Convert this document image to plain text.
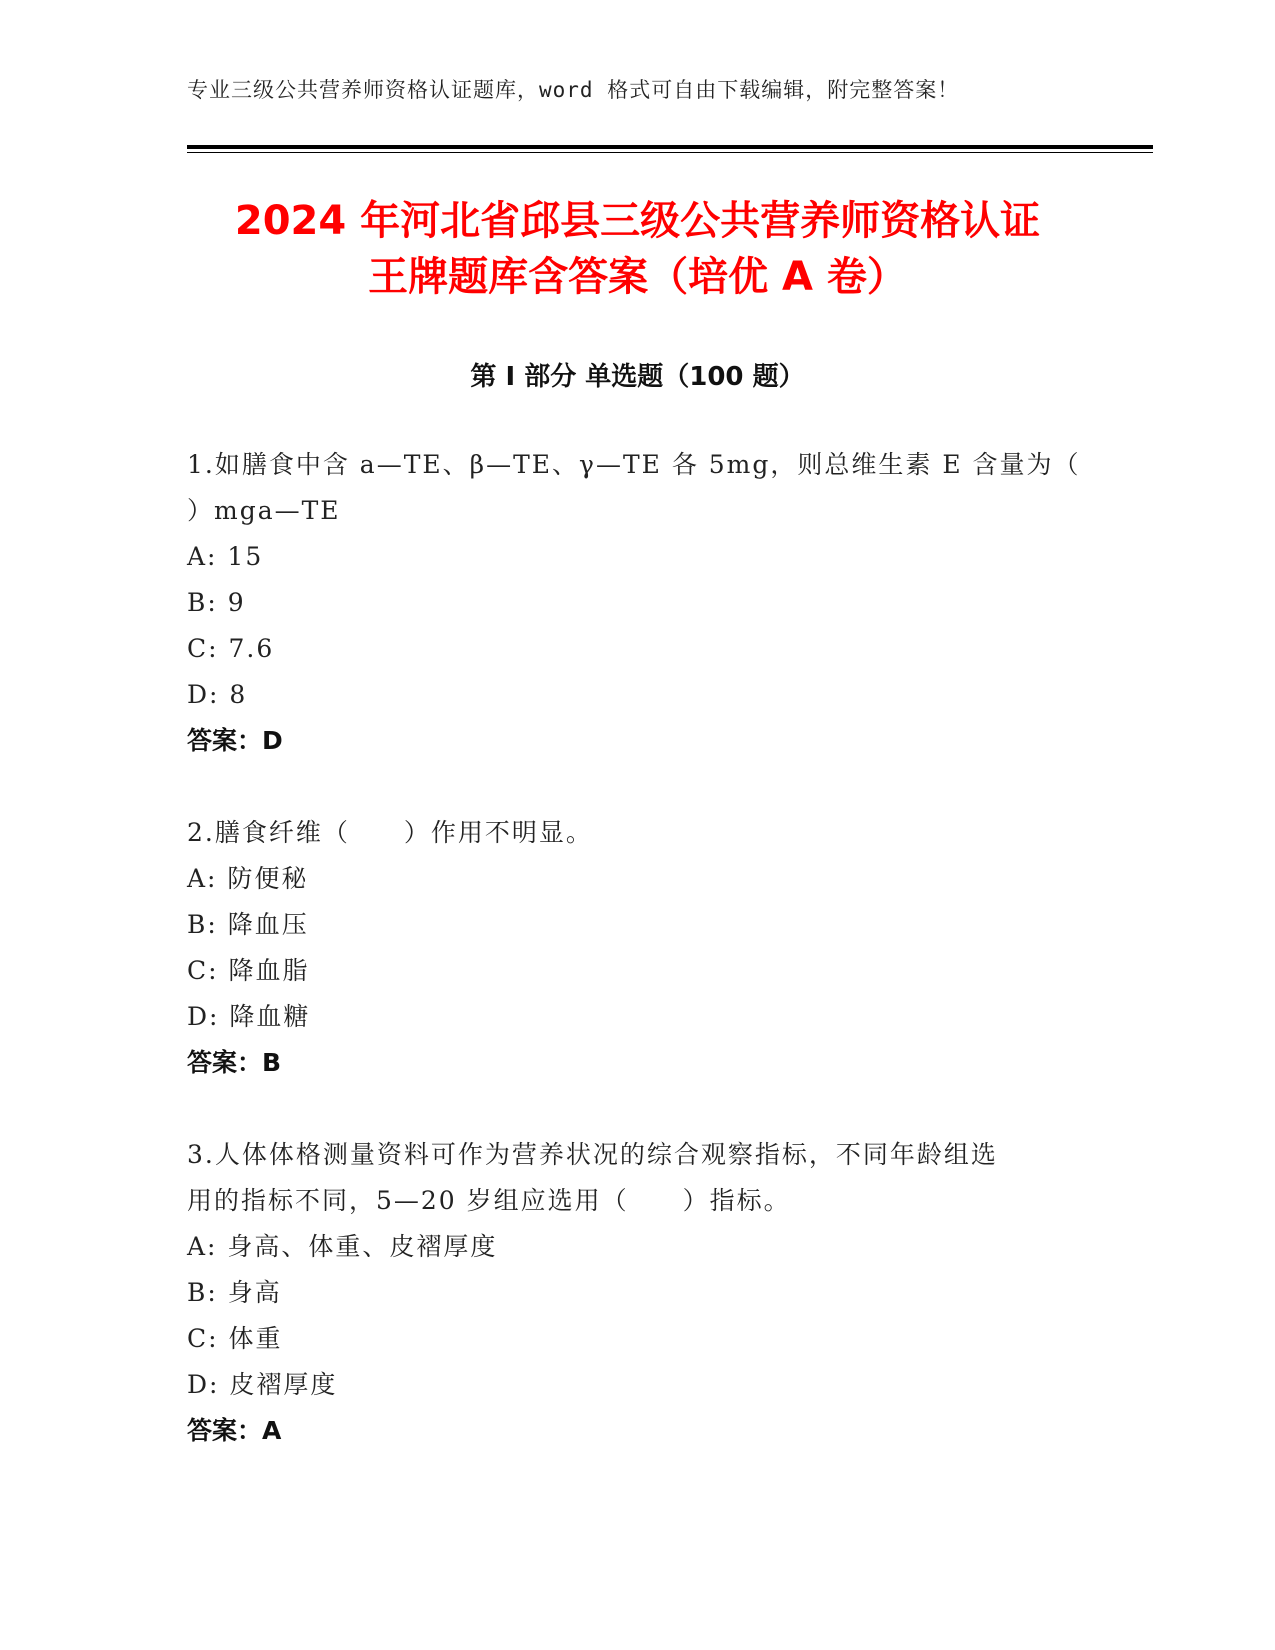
专业三级公共营养师资格认证题库，word 格式可自由下载编辑，附完整答案！
2024 年河北省邱县三级公共营养师资格认证
王牌题库含答案（培优 A 卷）
第 I 部分 单选题（100 题）
1.如膳食中含 a—TE、β—TE、γ—TE 各 5mg，则总维生素 E 含量为（
）mga—TE
A: 15
B: 9
C: 7.6
D: 8
答案：D
2.膳食纤维（　　）作用不明显。
A: 防便秘
B: 降血压
C: 降血脂
D: 降血糖
答案：B
3.人体体格测量资料可作为营养状况的综合观察指标，不同年龄组选
用的指标不同，5—20 岁组应选用（　　）指标。
A: 身高、体重、皮褶厚度
B: 身高
C: 体重
D: 皮褶厚度
答案：A
